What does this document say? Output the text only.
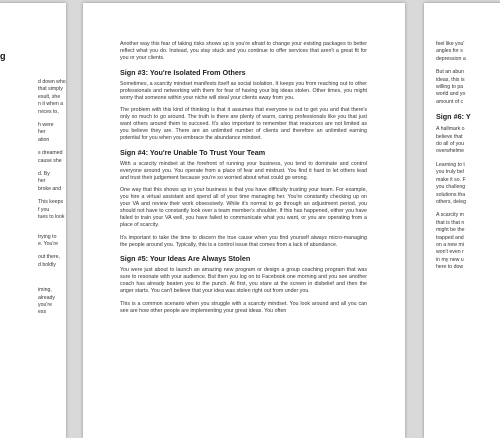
g
d down who
that simply
esult, she
n it when a
rvices to,
h were
her
ation
s dreamed
cause she
d. By
her
broke and
This keeps
f you
tues to look
trying to
e. You're
out there,
d boldly
iming,
already
you're
ess

Another way this fear of taking risks shows up is you're afraid to change your existing packages to better reflect what you do. Instead, you stay stuck and you continue to offer services that aren't a great fit for you or your clients.

Sign #3: You're Isolated From Others

Sometimes, a scarcity mindset manifests itself as social isolation. It keeps you from reaching out to other professionals and networking with them for fear of having your big ideas stolen. Other times, you might worry that someone within your niche will steal your clients away from you.

The problem with this kind of thinking is that it assumes that everyone is out to get you and that there's only so much to go around. The truth is there are plenty of warm, caring professionals like you that just want others around them to succeed. It's also important to remember that resources are not limited as you believe they are. There are an unlimited number of clients and therefore an unlimited earning potential for you when you embrace the abundance mindset.

Sign #4: You're Unable To Trust Your Team

With a scarcity mindset at the forefront of running your business, you tend to dominate and control everyone around you. You operate from a place of fear and mistrust. You find it hard to let others lead and trust their judgement because you're so worried about what could go wrong.

One way that this shows up in your business is that you have difficulty trusting your team. For example, you hire a virtual assistant and spend all of your time managing her. You're constantly checking up on your VA and review their work obsessively. While it's normal to go through an adjustment period, you should not have to constantly look over a team member's shoulder. If this has happened, either you have failed to train your VA well, you have failed to communicate what you want, or you are operating from a place of scarcity.

It's important to take the time to discern the true cause when you find yourself always micro-managing the people around you. Typically, this is a control issue that comes from a lack of abundance.

Sign #5: Your Ideas Are Always Stolen

You were just about to launch an amazing new program or design a group coaching program that was sure to resonate with your audience. But then you log on to Facebook one morning and you see another coach has already beaten you to the punch. At first, you stare at the screen in disbelief and then the anger starts. You can't believe that your idea was stolen right out from under you.

This is a common scenario when you struggle with a scarcity mindset. You look around and all you can see are how other people are implementing your great ideas. You often

feel like you'
angles for s
depression a
But an abun
ideas, this is
willing to pa
world and yo
amount of c
Sign #6: Y
A hallmark o
believe that
do all of you
overwhelme
Learning to t
you truly bel
make it so. F
you challeng
solutions tha
others, deleg
A scarcity m
that is that n
might be the
trapped and
on a new mi
won't even r
in my new u
here to dow
